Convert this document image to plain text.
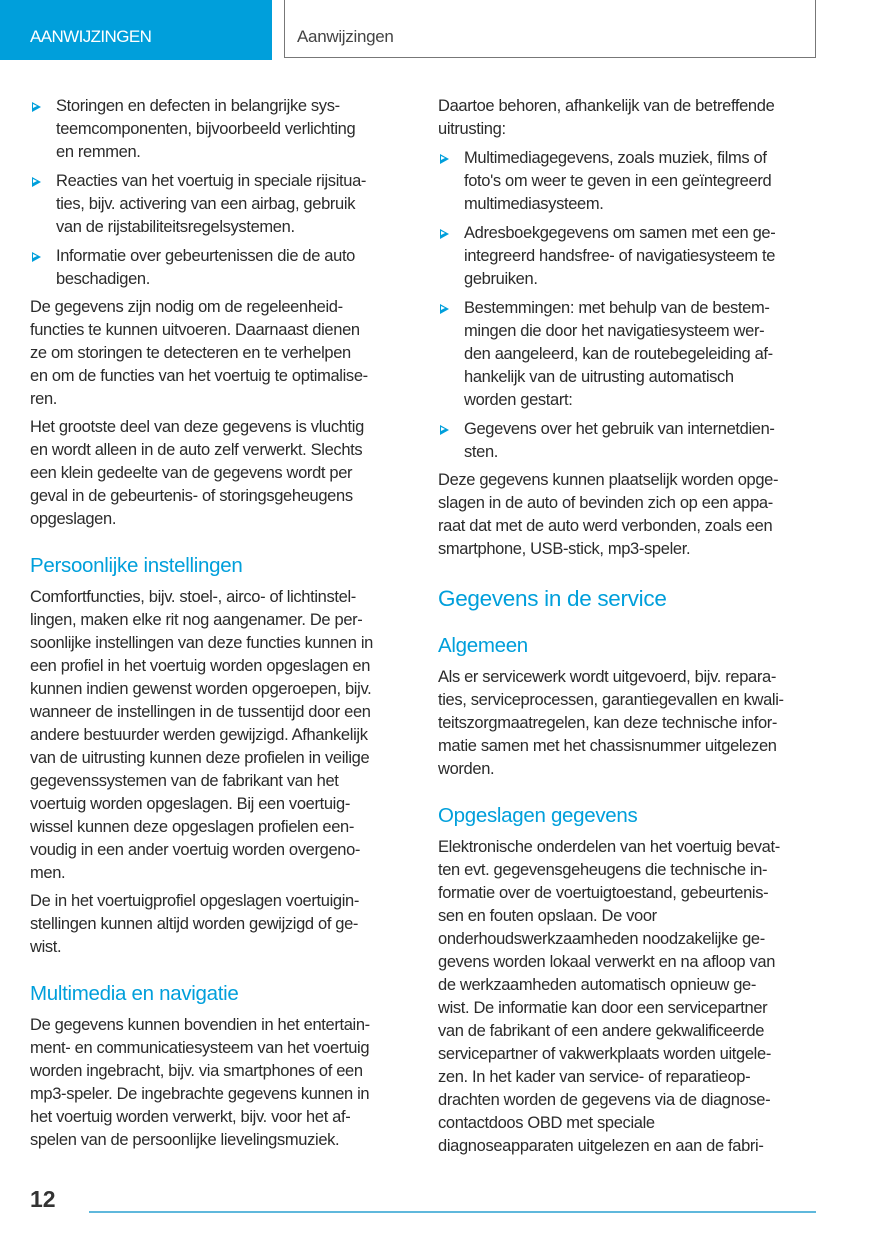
AANWIJZINGEN	Aanwijzingen
Storingen en defecten in belangrijke sys-
teemcomponenten, bijvoorbeeld verlichting
en remmen.
Reacties van het voertuig in speciale rijsitua-
ties, bijv. activering van een airbag, gebruik
van de rijstabiliteitsregelsystemen.
Informatie over gebeurtenissen die de auto
beschadigen.

De gegevens zijn nodig om de regeleenheid-
functies te kunnen uitvoeren. Daarnaast dienen
ze om storingen te detecteren en te verhelpen
en om de functies van het voertuig te optimalise-
ren.

Het grootste deel van deze gegevens is vluchtig
en wordt alleen in de auto zelf verwerkt. Slechts
een klein gedeelte van de gegevens wordt per
geval in de gebeurtenis- of storingsgeheugens
opgeslagen.

Persoonlijke instellingen

Comfortfuncties, bijv. stoel-, airco- of lichtinstel-
lingen, maken elke rit nog aangenamer. De per-
soonlijke instellingen van deze functies kunnen in
een profiel in het voertuig worden opgeslagen en
kunnen indien gewenst worden opgeroepen, bijv.
wanneer de instellingen in de tussentijd door een
andere bestuurder werden gewijzigd. Afhankelijk
van de uitrusting kunnen deze profielen in veilige
gegevenssystemen van de fabrikant van het
voertuig worden opgeslagen. Bij een voertuig-
wissel kunnen deze opgeslagen profielen een-
voudig in een ander voertuig worden overgeno-
men.

De in het voertuigprofiel opgeslagen voertuigin-
stellingen kunnen altijd worden gewijzigd of ge-
wist.

Multimedia en navigatie

De gegevens kunnen bovendien in het entertain-
ment- en communicatiesysteem van het voertuig
worden ingebracht, bijv. via smartphones of een
mp3-speler. De ingebrachte gegevens kunnen in
het voertuig worden verwerkt, bijv. voor het af-
spelen van de persoonlijke lievelingsmuziek.

Daartoe behoren, afhankelijk van de betreffende
uitrusting:

Multimediagegevens, zoals muziek, films of
foto's om weer te geven in een geïntegreerd
multimediasysteem.
Adresboekgegevens om samen met een ge-
integreerd handsfree- of navigatiesysteem te
gebruiken.
Bestemmingen: met behulp van de bestem-
mingen die door het navigatiesysteem wer-
den aangeleerd, kan de routebegeleiding af-
hankelijk van de uitrusting automatisch
worden gestart:
Gegevens over het gebruik van internetdien-
sten.

Deze gegevens kunnen plaatselijk worden opge-
slagen in de auto of bevinden zich op een appa-
raat dat met de auto werd verbonden, zoals een
smartphone, USB-stick, mp3-speler.

Gegevens in de service
Algemeen

Als er servicewerk wordt uitgevoerd, bijv. repara-
ties, serviceprocessen, garantiegevallen en kwali-
teitszorgmaatregelen, kan deze technische infor-
matie samen met het chassisnummer uitgelezen
worden.

Opgeslagen gegevens

Elektronische onderdelen van het voertuig bevat-
ten evt. gegevensgeheugens die technische in-
formatie over de voertuigtoestand, gebeurtenis-
sen en fouten opslaan. De voor
onderhoudswerkzaamheden noodzakelijke ge-
gevens worden lokaal verwerkt en na afloop van
de werkzaamheden automatisch opnieuw ge-
wist. De informatie kan door een servicepartner
van de fabrikant of een andere gekwalificeerde
servicepartner of vakwerkplaats worden uitgele-
zen. In het kader van service- of reparatieop-
drachten worden de gegevens via de diagnose-
contactdoos OBD met speciale
diagnoseapparaten uitgelezen en aan de fabri-

12
